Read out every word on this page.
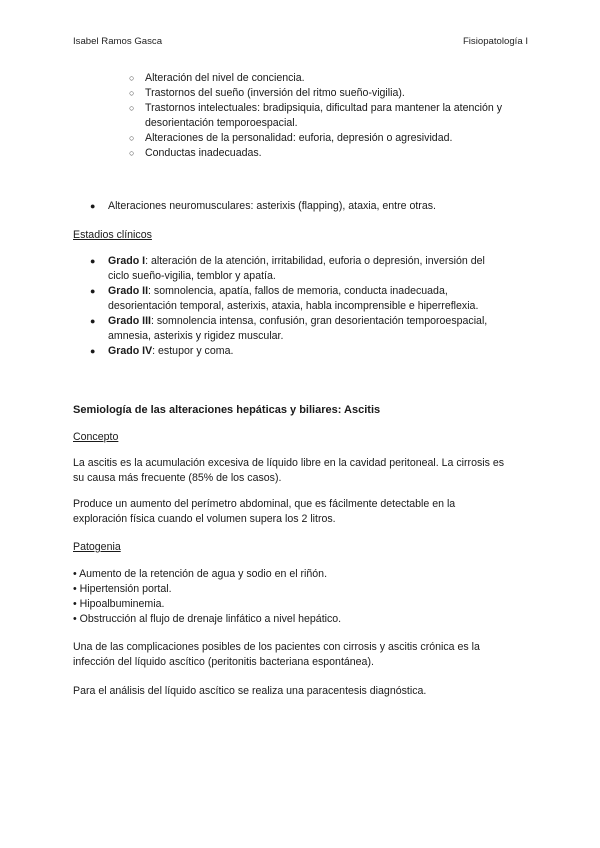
Isabel Ramos Gasca	Fisiopatología I
○ Alteración del nivel de conciencia.
○ Trastornos del sueño (inversión del ritmo sueño-vigilia).
○ Trastornos intelectuales: bradipsiquia, dificultad para mantener la atención y
desorientación temporoespacial.
○ Alteraciones de la personalidad: euforia, depresión o agresividad.
○ Conductas inadecuadas.
● Alteraciones neuromusculares: asterixis (flapping), ataxia, entre otras.
Estadios clínicos
● Grado I: alteración de la atención, irritabilidad, euforia o depresión, inversión del
ciclo sueño-vigilia, temblor y apatía.
● Grado II: somnolencia, apatía, fallos de memoria, conducta inadecuada,
desorientación temporal, asterixis, ataxia, habla incomprensible e hiperreflexia.
● Grado III: somnolencia intensa, confusión, gran desorientación temporoespacial,
amnesia, asterixis y rigidez muscular.
● Grado IV: estupor y coma.
Semiología de las alteraciones hepáticas y biliares: Ascitis
Concepto
La ascitis es la acumulación excesiva de líquido libre en la cavidad peritoneal. La cirrosis es
su causa más frecuente (85% de los casos).
Produce un aumento del perímetro abdominal, que es fácilmente detectable en la
exploración física cuando el volumen supera los 2 litros.
Patogenia
• Aumento de la retención de agua y sodio en el riñón.
• Hipertensión portal.
• Hipoalbuminemia.
• Obstrucción al flujo de drenaje linfático a nivel hepático.
Una de las complicaciones posibles de los pacientes con cirrosis y ascitis crónica es la
infección del líquido ascítico (peritonitis bacteriana espontánea).
Para el análisis del líquido ascítico se realiza una paracentesis diagnóstica.
